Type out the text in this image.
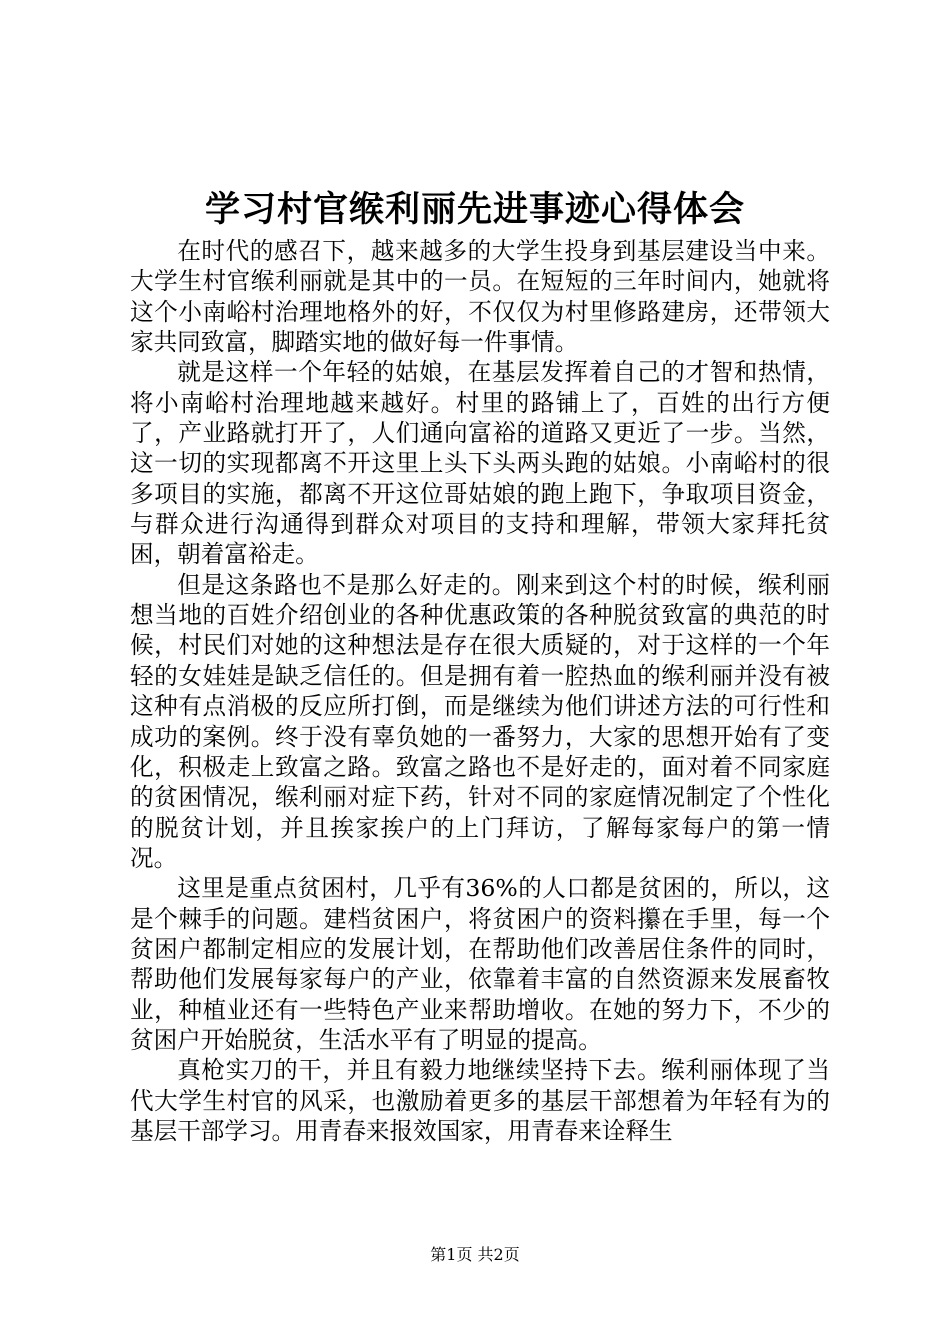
学习村官缑利丽先进事迹心得体会

在时代的感召下，越来越多的大学生投身到基层建设当中来。大学生村官缑利丽就是其中的一员。在短短的三年时间内，她就将这个小南峪村治理地格外的好，不仅仅为村里修路建房，还带领大家共同致富，脚踏实地的做好每一件事情。

就是这样一个年轻的姑娘，在基层发挥着自己的才智和热情，将小南峪村治理地越来越好。村里的路铺上了，百姓的出行方便了，产业路就打开了，人们通向富裕的道路又更近了一步。当然，这一切的实现都离不开这里上头下头两头跑的姑娘。小南峪村的很多项目的实施，都离不开这位哥姑娘的跑上跑下，争取项目资金，与群众进行沟通得到群众对项目的支持和理解，带领大家拜托贫困，朝着富裕走。

但是这条路也不是那么好走的。刚来到这个村的时候，缑利丽想当地的百姓介绍创业的各种优惠政策的各种脱贫致富的典范的时候，村民们对她的这种想法是存在很大质疑的，对于这样的一个年轻的女娃娃是缺乏信任的。但是拥有着一腔热血的缑利丽并没有被这种有点消极的反应所打倒，而是继续为他们讲述方法的可行性和成功的案例。终于没有辜负她的一番努力，大家的思想开始有了变化，积极走上致富之路。致富之路也不是好走的，面对着不同家庭的贫困情况，缑利丽对症下药，针对不同的家庭情况制定了个性化的脱贫计划，并且挨家挨户的上门拜访，了解每家每户的第一情况。

这里是重点贫困村，几乎有36%的人口都是贫困的，所以，这是个棘手的问题。建档贫困户，将贫困户的资料攥在手里，每一个贫困户都制定相应的发展计划，在帮助他们改善居住条件的同时，帮助他们发展每家每户的产业，依靠着丰富的自然资源来发展畜牧业，种植业还有一些特色产业来帮助增收。在她的努力下，不少的贫困户开始脱贫，生活水平有了明显的提高。

真枪实刀的干，并且有毅力地继续坚持下去。缑利丽体现了当代大学生村官的风采，也激励着更多的基层干部想着为年轻有为的基层干部学习。用青春来报效国家，用青春来诠释生

第1页 共2页
